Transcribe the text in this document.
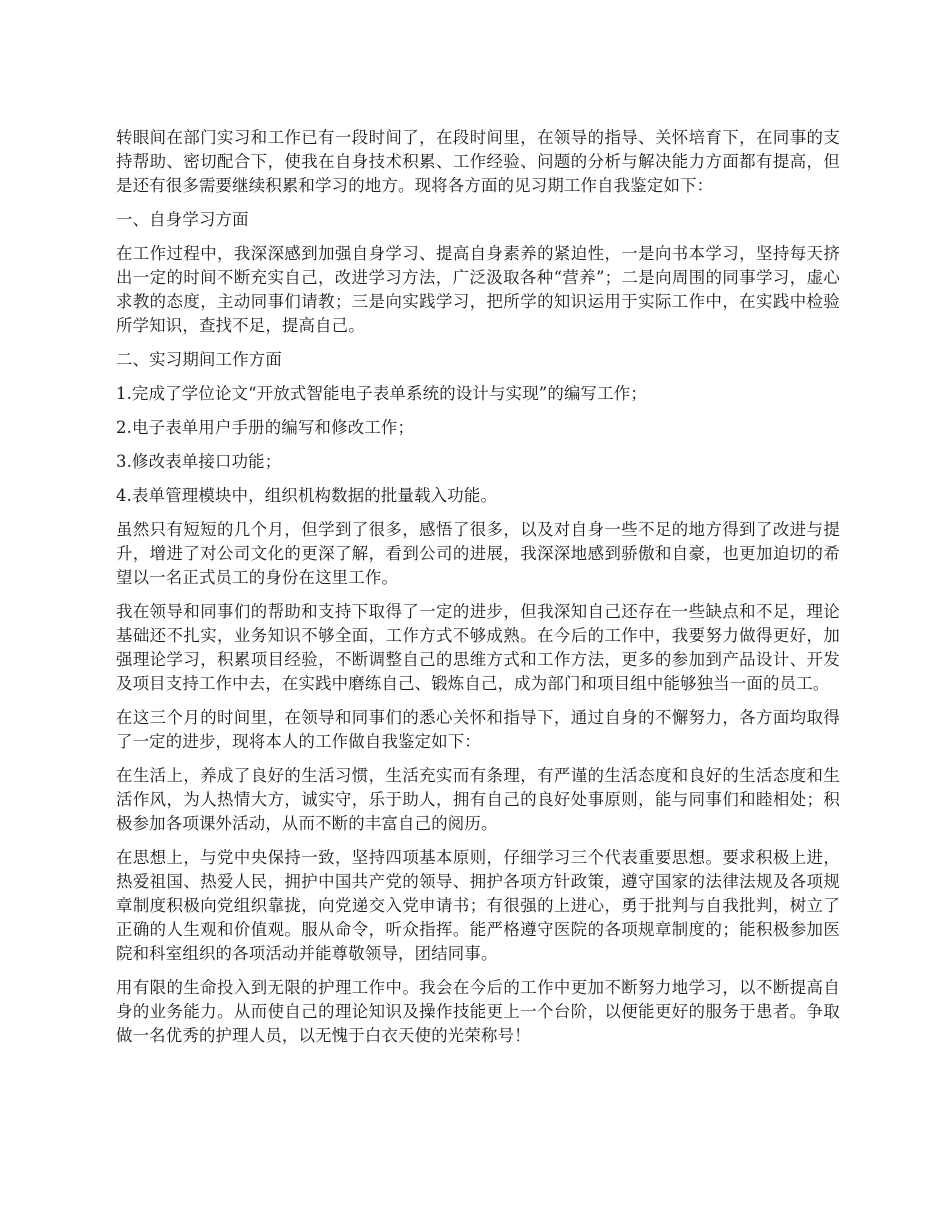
转眼间在部门实习和工作已有一段时间了，在段时间里，在领导的指导、关怀培育下，在同事的支持帮助、密切配合下，使我在自身技术积累、工作经验、问题的分析与解决能力方面都有提高，但是还有很多需要继续积累和学习的地方。现将各方面的见习期工作自我鉴定如下：

一、自身学习方面

在工作过程中，我深深感到加强自身学习、提高自身素养的紧迫性，一是向书本学习，坚持每天挤出一定的时间不断充实自己，改进学习方法，广泛汲取各种“营养”；二是向周围的同事学习，虚心求教的态度，主动同事们请教；三是向实践学习，把所学的知识运用于实际工作中，在实践中检验所学知识，查找不足，提高自己。

二、实习期间工作方面

1.完成了学位论文“开放式智能电子表单系统的设计与实现”的编写工作；

2.电子表单用户手册的编写和修改工作；

3.修改表单接口功能；

4.表单管理模块中，组织机构数据的批量载入功能。

虽然只有短短的几个月，但学到了很多，感悟了很多，以及对自身一些不足的地方得到了改进与提升，增进了对公司文化的更深了解，看到公司的进展，我深深地感到骄傲和自豪，也更加迫切的希望以一名正式员工的身份在这里工作。

我在领导和同事们的帮助和支持下取得了一定的进步，但我深知自己还存在一些缺点和不足，理论基础还不扎实，业务知识不够全面，工作方式不够成熟。在今后的工作中，我要努力做得更好，加强理论学习，积累项目经验，不断调整自己的思维方式和工作方法，更多的参加到产品设计、开发及项目支持工作中去，在实践中磨练自己、锻炼自己，成为部门和项目组中能够独当一面的员工。

在这三个月的时间里，在领导和同事们的悉心关怀和指导下，通过自身的不懈努力，各方面均取得了一定的进步，现将本人的工作做自我鉴定如下：

在生活上，养成了良好的生活习惯，生活充实而有条理，有严谨的生活态度和良好的生活态度和生活作风，为人热情大方，诚实守，乐于助人，拥有自己的良好处事原则，能与同事们和睦相处；积极参加各项课外活动，从而不断的丰富自己的阅历。

在思想上，与党中央保持一致，坚持四项基本原则，仔细学习三个代表重要思想。要求积极上进，热爱祖国、热爱人民，拥护中国共产党的领导、拥护各项方针政策，遵守国家的法律法规及各项规章制度积极向党组织靠拢，向党递交入党申请书；有很强的上进心，勇于批判与自我批判，树立了正确的人生观和价值观。服从命令，听众指挥。能严格遵守医院的各项规章制度的；能积极参加医院和科室组织的各项活动并能尊敬领导，团结同事。

用有限的生命投入到无限的护理工作中。我会在今后的工作中更加不断努力地学习，以不断提高自身的业务能力。从而使自己的理论知识及操作技能更上一个台阶，以便能更好的服务于患者。争取做一名优秀的护理人员，以无愧于白衣天使的光荣称号！
